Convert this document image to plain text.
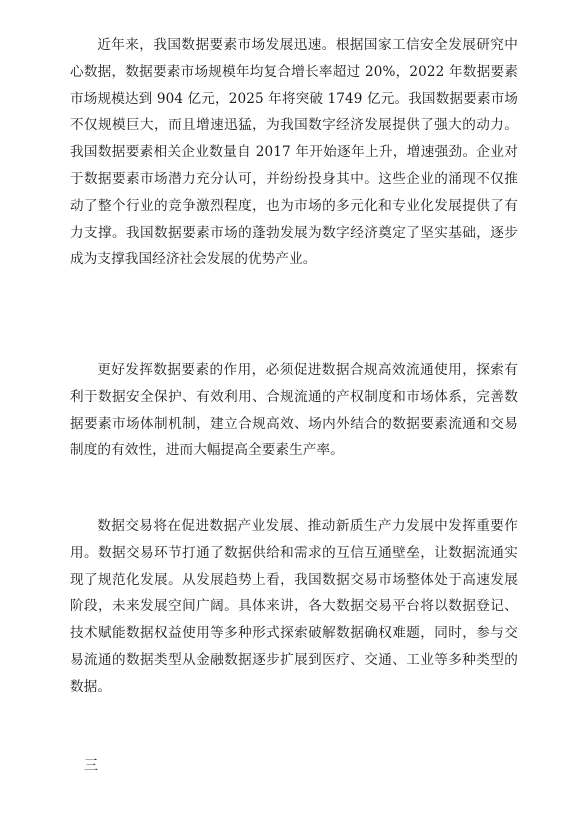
近年来，我国数据要素市场发展迅速。根据国家工信安全发展研究中心数据，数据要素市场规模年均复合增长率超过 20%，2022 年数据要素市场规模达到 904 亿元，2025 年将突破 1749 亿元。我国数据要素市场不仅规模巨大，而且增速迅猛，为我国数字经济发展提供了强大的动力。我国数据要素相关企业数量自 2017 年开始逐年上升，增速强劲。企业对于数据要素市场潜力充分认可，并纷纷投身其中。这些企业的涌现不仅推动了整个行业的竞争激烈程度，也为市场的多元化和专业化发展提供了有力支撑。我国数据要素市场的蓬勃发展为数字经济奠定了坚实基础，逐步成为支撑我国经济社会发展的优势产业。

更好发挥数据要素的作用，必须促进数据合规高效流通使用，探索有利于数据安全保护、有效利用、合规流通的产权制度和市场体系，完善数据要素市场体制机制，建立合规高效、场内外结合的数据要素流通和交易制度的有效性，进而大幅提高全要素生产率。

数据交易将在促进数据产业发展、推动新质生产力发展中发挥重要作用。数据交易环节打通了数据供给和需求的互信互通壁垒，让数据流通实现了规范化发展。从发展趋势上看，我国数据交易市场整体处于高速发展阶段，未来发展空间广阔。具体来讲，各大数据交易平台将以数据登记、技术赋能数据权益使用等多种形式探索破解数据确权难题，同时，参与交易流通的数据类型从金融数据逐步扩展到医疗、交通、工业等多种类型的数据。

三
